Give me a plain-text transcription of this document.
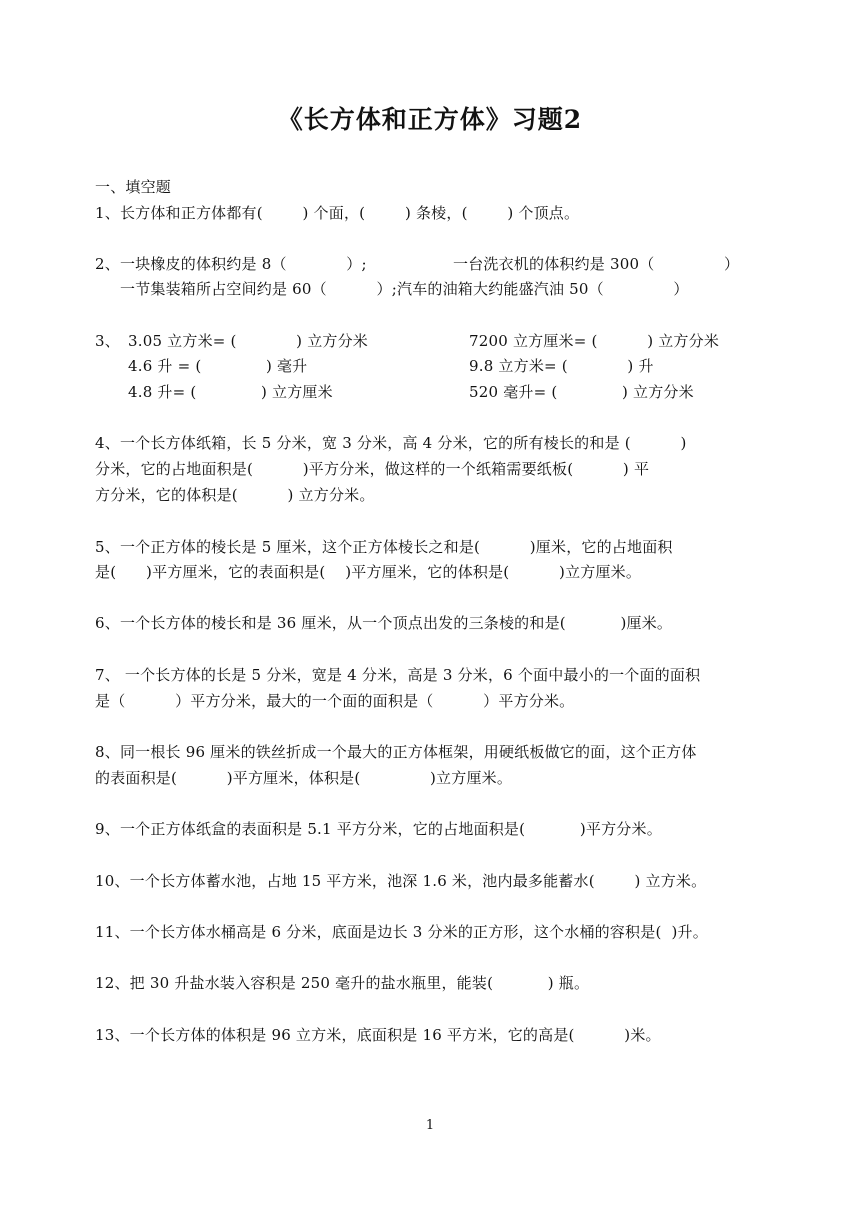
《长方体和正方体》习题2
一、填空题
1、长方体和正方体都有(        ) 个面，(        ) 条棱，(        ) 个顶点。
2、一块橡皮的体积约是 8（            ）;	一台洗衣机的体积约是 300（              ）
一节集装箱所占空间约是 60（          ）;汽车的油箱大约能盛汽油 50（              ）
3、 3.05 立方米= (            ) 立方分米	7200 立方厘米= (          ) 立方分米
4.6 升 = (             ) 毫升	9.8 立方米= (            ) 升
4.8 升= (             ) 立方厘米	520 毫升= (             ) 立方分米
4、一个长方体纸箱，长 5 分米，宽 3 分米，高 4 分米，它的所有棱长的和是 (          )
分米，它的占地面积是(          )平方分米，做这样的一个纸箱需要纸板(          ) 平
方分米，它的体积是(          ) 立方分米。
5、一个正方体的棱长是 5 厘米，这个正方体棱长之和是(          )厘米，它的占地面积
是(      )平方厘米，它的表面积是(    )平方厘米，它的体积是(          )立方厘米。
6、一个长方体的棱长和是 36 厘米，从一个顶点出发的三条棱的和是(           )厘米。
7、 一个长方体的长是 5 分米，宽是 4 分米，高是 3 分米，6 个面中最小的一个面的面积
是（          ）平方分米，最大的一个面的面积是（          ）平方分米。
8、同一根长 96 厘米的铁丝折成一个最大的正方体框架，用硬纸板做它的面，这个正方体
的表面积是(          )平方厘米，体积是(              )立方厘米。
9、一个正方体纸盒的表面积是 5.1 平方分米，它的占地面积是(           )平方分米。
10、一个长方体蓄水池，占地 15 平方米，池深 1.6 米，池内最多能蓄水(        ) 立方米。
11、一个长方体水桶高是 6 分米，底面是边长 3 分米的正方形，这个水桶的容积是(  )升。
12、把 30 升盐水装入容积是 250 毫升的盐水瓶里，能装(           ) 瓶。
13、一个长方体的体积是 96 立方米，底面积是 16 平方米，它的高是(          )米。
1
